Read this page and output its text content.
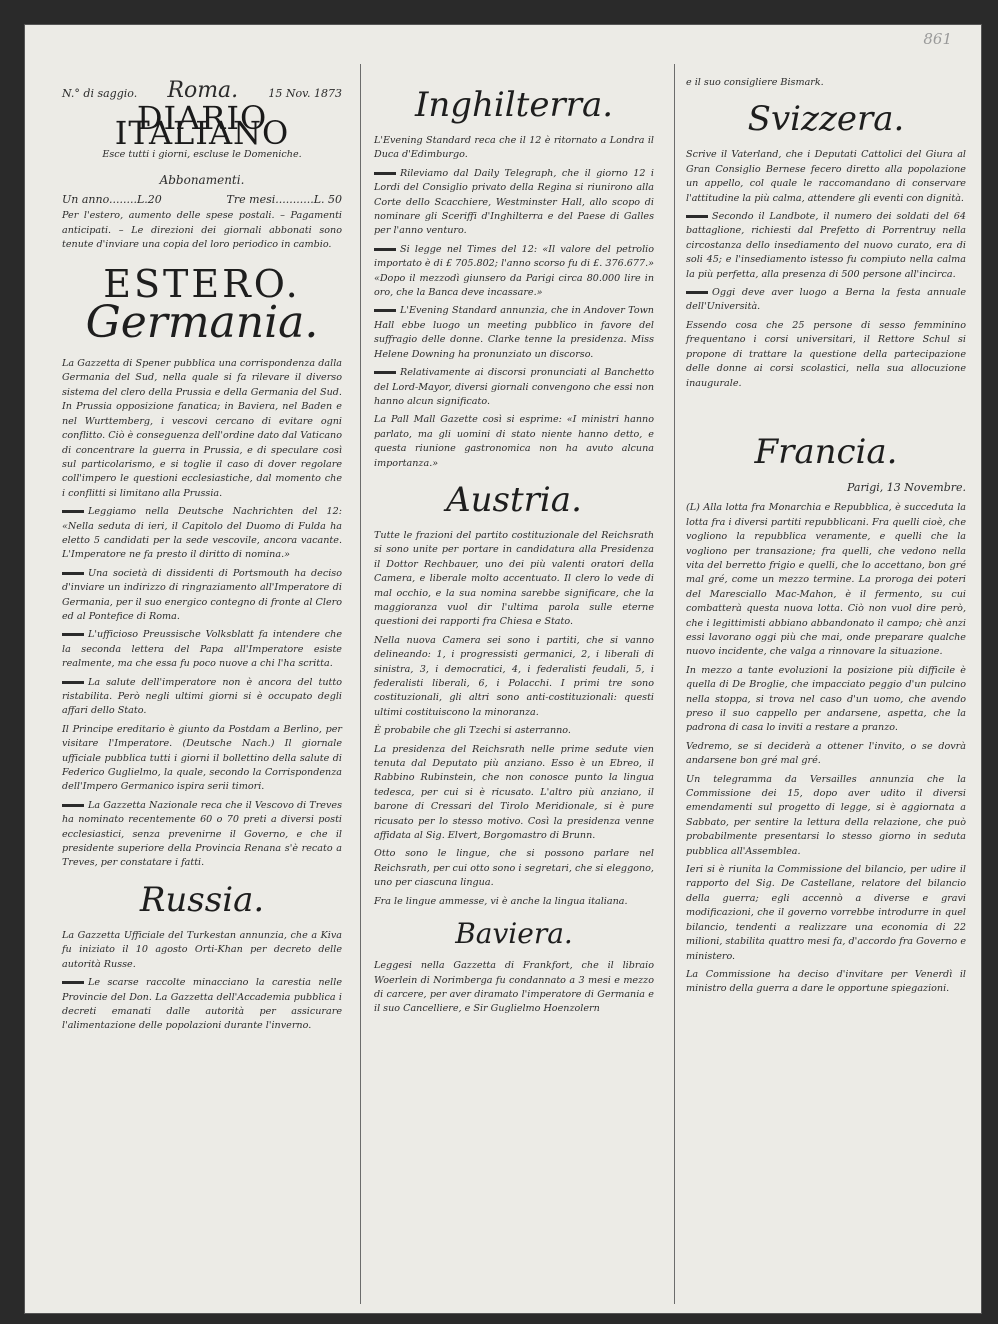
861
N.° di saggio. Roma.	15 Nov. 1873
DIARIO ITALIANO

Esce tutti i giorni, escluse le Domeniche.

Abbonamenti.
Un anno........L.20	Tre mesi...........L. 50

Per l'estero, aumento delle spese postali. – Pagamenti anticipati. – Le direzioni dei giornali abbonati sono tenute d'inviare una copia del loro periodico in cambio.

ESTERO.
Germania.

La Gazzetta di Spener pubblica una corrispondenza dalla Germania del Sud, nella quale si fa rilevare il diverso sistema del clero della Prussia e della Germania del Sud. In Prussia opposizione fanatica; in Baviera, nel Baden e nel Wurttemberg, i vescovi cercano di evitare ogni conflitto. Ciò è conseguenza dell'ordine dato dal Vaticano di concentrare la guerra in Prussia, e di speculare così sul particolarismo, e si toglie il caso di dover regolare coll'impero le questioni ecclesiastiche, dal momento che i conflitti si limitano alla Prussia.

Leggiamo nella Deutsche Nachrichten del 12: «Nella seduta di ieri, il Capitolo del Duomo di Fulda ha eletto 5 candidati per la sede vescovile, ancora vacante. L'Imperatore ne fa presto il diritto di nomina.»

Una società di dissidenti di Portsmouth ha deciso d'inviare un indirizzo di ringraziamento all'Imperatore di Germania, per il suo energico contegno di fronte al Clero ed al Pontefice di Roma.

L'ufficioso Preussische Volksblatt fa intendere che la seconda lettera del Papa all'Imperatore esiste realmente, ma che essa fu poco nuove a chi l'ha scritta.

La salute dell'imperatore non è ancora del tutto ristabilita. Però negli ultimi giorni si è occupato degli affari dello Stato.

Il Principe ereditario è giunto da Postdam a Berlino, per visitare l'Imperatore. (Deutsche Nach.) Il giornale ufficiale pubblica tutti i giorni il bollettino della salute di Federico Guglielmo, la quale, secondo la Corrispondenza dell'Impero Germanico ispira serii timori.

La Gazzetta Nazionale reca che il Vescovo di Treves ha nominato recentemente 60 o 70 preti a diversi posti ecclesiastici, senza prevenirne il Governo, e che il presidente superiore della Provincia Renana s'è recato a Treves, per constatare i fatti.

Russia.

La Gazzetta Ufficiale del Turkestan annunzia, che a Kiva fu iniziato il 10 agosto Orti-Khan per decreto delle autorità Russe.

Le scarse raccolte minacciano la carestia nelle Provincie del Don. La Gazzetta dell'Accademia pubblica i decreti emanati dalle autorità per assicurare l'alimentazione delle popolazioni durante l'inverno.

Inghilterra.

L'Evening Standard reca che il 12 è ritornato a Londra il Duca d'Edimburgo.

Rileviamo dal Daily Telegraph, che il giorno 12 i Lordi del Consiglio privato della Regina si riunirono alla Corte dello Scacchiere, Westminster Hall, allo scopo di nominare gli Sceriffi d'Inghilterra e del Paese di Galles per l'anno venturo.

Si legge nel Times del 12: «Il valore del petrolio importato è di £ 705.802; l'anno scorso fu di £. 376.677.» «Dopo il mezzodì giunsero da Parigi circa 80.000 lire in oro, che la Banca deve incassare.»

L'Evening Standard annunzia, che in Andover Town Hall ebbe luogo un meeting pubblico in favore del suffragio delle donne. Clarke tenne la presidenza. Miss Helene Downing ha pronunziato un discorso.

Relativamente ai discorsi pronunciati al Banchetto del Lord-Mayor, diversi giornali convengono che essi non hanno alcun significato.

La Pall Mall Gazette così si esprime: «I ministri hanno parlato, ma gli uomini di stato niente hanno detto, e questa riunione gastronomica non ha avuto alcuna importanza.»

Austria.

Tutte le frazioni del partito costituzionale del Reichsrath si sono unite per portare in candidatura alla Presidenza il Dottor Rechbauer, uno dei più valenti oratori della Camera, e liberale molto accentuato. Il clero lo vede di mal occhio, e la sua nomina sarebbe significare, che la maggioranza vuol dir l'ultima parola sulle eterne questioni dei rapporti fra Chiesa e Stato.

Nella nuova Camera sei sono i partiti, che si vanno delineando: 1, i progressisti germanici, 2, i liberali di sinistra, 3, i democratici, 4, i federalisti feudali, 5, i federalisti liberali, 6, i Polacchi. I primi tre sono costituzionali, gli altri sono anti-costituzionali: questi ultimi costituiscono la minoranza.

È probabile che gli Tzechi si asterranno.

La presidenza del Reichsrath nelle prime sedute vien tenuta dal Deputato più anziano. Esso è un Ebreo, il Rabbino Rubinstein, che non conosce punto la lingua tedesca, per cui si è ricusato. L'altro più anziano, il barone di Cressari del Tirolo Meridionale, si è pure ricusato per lo stesso motivo. Così la presidenza venne affidata al Sig. Elvert, Borgomastro di Brunn.

Otto sono le lingue, che si possono parlare nel Reichsrath, per cui otto sono i segretari, che si eleggono, uno per ciascuna lingua.

Fra le lingue ammesse, vi è anche la lingua italiana.

Baviera.

Leggesi nella Gazzetta di Frankfort, che il libraio Woerlein di Norimberga fu condannato a 3 mesi e mezzo di carcere, per aver diramato l'imperatore di Germania e il suo Cancelliere, e Sir Guglielmo Hoenzolern

e il suo consigliere Bismark.

Svizzera.

Scrive il Vaterland, che i Deputati Cattolici del Giura al Gran Consiglio Bernese fecero diretto alla popolazione un appello, col quale le raccomandano di conservare l'attitudine la più calma, attendere gli eventi con dignità.

Secondo il Landbote, il numero dei soldati del 64 battaglione, richiesti dal Prefetto di Porrentruy nella circostanza dello insediamento del nuovo curato, era di soli 45; e l'insediamento istesso fu compiuto nella calma la più perfetta, alla presenza di 500 persone all'incirca.

Oggi deve aver luogo a Berna la festa annuale dell'Università.

Essendo cosa che 25 persone di sesso femminino frequentano i corsi universitari, il Rettore Schul si propone di trattare la questione della partecipazione delle donne ai corsi scolastici, nella sua allocuzione inaugurale.

Francia.
Parigi, 13 Novembre.

(L) Alla lotta fra Monarchia e Repubblica, è succeduta la lotta fra i diversi partiti repubblicani. Fra quelli cioè, che vogliono la repubblica veramente, e quelli che la vogliono per transazione; fra quelli, che vedono nella vita del berretto frigio e quelli, che lo accettano, bon gré mal gré, come un mezzo termine. La proroga dei poteri del Maresciallo Mac-Mahon, è il fermento, su cui combatterà questa nuova lotta. Ciò non vuol dire però, che i legittimisti abbiano abbandonato il campo; chè anzi essi lavorano oggi più che mai, onde preparare qualche nuovo incidente, che valga a rinnovare la situazione.

In mezzo a tante evoluzioni la posizione più difficile è quella di De Broglie, che impacciato peggio d'un pulcino nella stoppa, si trova nel caso d'un uomo, che avendo preso il suo cappello per andarsene, aspetta, che la padrona di casa lo inviti a restare a pranzo.

Vedremo, se si deciderà a ottener l'invito, o se dovrà andarsene bon gré mal gré.

Un telegramma da Versailles annunzia che la Commissione dei 15, dopo aver udito il diversi emendamenti sul progetto di legge, si è aggiornata a Sabbato, per sentire la lettura della relazione, che può probabilmente presentarsi lo stesso giorno in seduta pubblica all'Assemblea.

Ieri si è riunita la Commissione del bilancio, per udire il rapporto del Sig. De Castellane, relatore del bilancio della guerra; egli accennò a diverse e gravi modificazioni, che il governo vorrebbe introdurre in quel bilancio, tendenti a realizzare una economia di 22 milioni, stabilita quattro mesi fa, d'accordo fra Governo e ministero.

La Commissione ha deciso d'invitare per Venerdì il ministro della guerra a dare le opportune spiegazioni.
